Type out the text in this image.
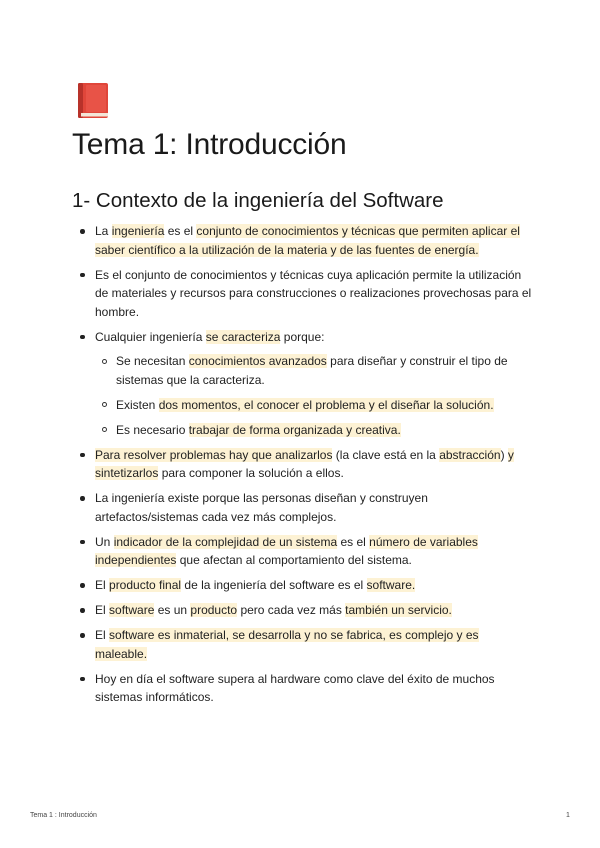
Tema 1: Introducción
1- Contexto de la ingeniería del Software
La ingeniería es el conjunto de conocimientos y técnicas que permiten aplicar el saber científico a la utilización de la materia y de las fuentes de energía.
Es el conjunto de conocimientos y técnicas cuya aplicación permite la utilización de materiales y recursos para construcciones o realizaciones provechosas para el hombre.
Cualquier ingeniería se caracteriza porque:
Se necesitan conocimientos avanzados para diseñar y construir el tipo de sistemas que la caracteriza.
Existen dos momentos, el conocer el problema y el diseñar la solución.
Es necesario trabajar de forma organizada y creativa.
Para resolver problemas hay que analizarlos (la clave está en la abstracción) y sintetizarlos para componer la solución a ellos.
La ingeniería existe porque las personas diseñan y construyen artefactos/sistemas cada vez más complejos.
Un indicador de la complejidad de un sistema es el número de variables independientes que afectan al comportamiento del sistema.
El producto final de la ingeniería del software es el software.
El software es un producto pero cada vez más también un servicio.
El software es inmaterial, se desarrolla y no se fabrica, es complejo y es maleable.
Hoy en día el software supera al hardware como clave del éxito de muchos sistemas informáticos.
Tema 1 : Introducción	1
